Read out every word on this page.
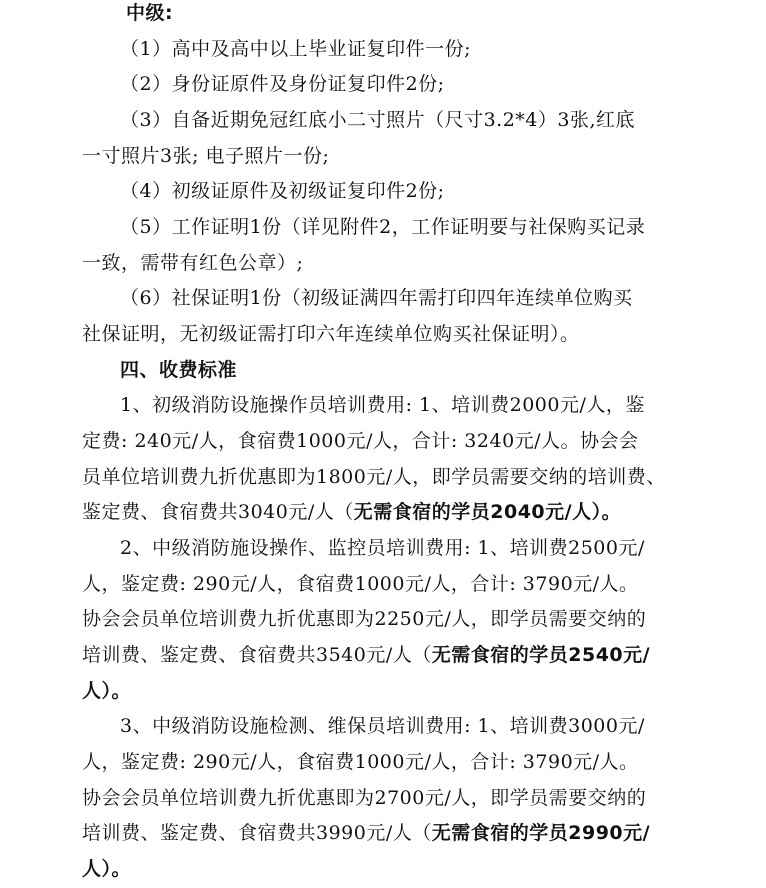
中级:
（1）高中及高中以上毕业证复印件一份;
（2）身份证原件及身份证复印件2份;
（3）自备近期免冠红底小二寸照片（尺寸3.2*4）3张,红底
一寸照片3张; 电子照片一份;
（4）初级证原件及初级证复印件2份;
（5）工作证明1份（详见附件2，工作证明要与社保购买记录
一致，需带有红色公章）;
（6）社保证明1份（初级证满四年需打印四年连续单位购买
社保证明，无初级证需打印六年连续单位购买社保证明）。
四、收费标准
1、初级消防设施操作员培训费用: 1、培训费2000元/人，鉴
定费: 240元/人，食宿费1000元/人，合计: 3240元/人。协会会
员单位培训费九折优惠即为1800元/人，即学员需要交纳的培训费、
鉴定费、食宿费共3040元/人（无需食宿的学员2040元/人）。
2、中级消防施设操作、监控员培训费用: 1、培训费2500元/
人，鉴定费: 290元/人，食宿费1000元/人，合计: 3790元/人。
协会会员单位培训费九折优惠即为2250元/人，即学员需要交纳的
培训费、鉴定费、食宿费共3540元/人（无需食宿的学员2540元/
人）。
3、中级消防设施检测、维保员培训费用: 1、培训费3000元/
人，鉴定费: 290元/人，食宿费1000元/人，合计: 3790元/人。
协会会员单位培训费九折优惠即为2700元/人，即学员需要交纳的
培训费、鉴定费、食宿费共3990元/人（无需食宿的学员2990元/
人）。
